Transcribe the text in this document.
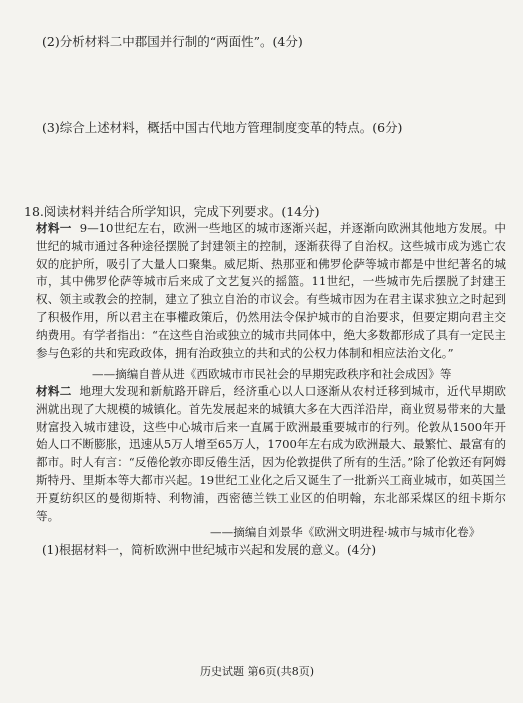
(2)分析材料二中郡国并行制的“两面性”。(4分)
(3)综合上述材料，概括中国古代地方管理制度变革的特点。(6分)
18.阅读材料并结合所学知识，完成下列要求。(14分)
材料一 9—10世纪左右，欧洲一些地区的城市逐渐兴起，并逐渐向欧洲其他地方发展。中世纪的城市通过各种途径摆脱了封建领主的控制，逐渐获得了自治权。这些城市成为逃亡农奴的庇护所，吸引了大量人口聚集。威尼斯、热那亚和佛罗伦萨等城市都是中世纪著名的城市，其中佛罗伦萨等城市后来成了文艺复兴的摇篮。11世纪，一些城市先后摆脱了封建王权、领主或教会的控制，建立了独立自治的市议会。有些城市因为在君主谋求独立之时起到了积极作用，所以君主在事權政策后，仍然用法令保护城市的自治要求，但要定期向君主交纳费用。有学者指出：“在这些自治或独立的城市共同体中，绝大多数都形成了具有一定民主参与色彩的共和宪政政体，拥有治政独立的共和式的公权力体制和相应法治文化。”
——摘编自普从进《西欧城市市民社会的早期宪政秩序和社会成因》等
材料二 地理大发现和新航路开辟后，经济重心以人口逐渐从农村迁移到城市，近代早期欧洲就出现了大规模的城镇化。首先发展起来的城镇大多在大西洋沿岸，商业贸易带来的大量财富投入城市建设，这些中心城市后来一直属于欧洲最重要城市的行列。伦敦从1500年开始人口不断膨胀，迅速从5万人增至65万人，1700年左右成为欧洲最大、最繁忙、最富有的都市。时人有言：“反倦伦敦亦即反倦生活，因为伦敦提供了所有的生活。”除了伦敦还有阿姆斯特丹、里斯本等大都市兴起。19世纪工业化之后又诞生了一批新兴工商业城市，如英国兰开夏纺织区的曼彻斯特、利物浦，西密德兰铁工业区的伯明翰，东北部采煤区的纽卡斯尔等。
——摘编自刘景华《欧洲文明进程·城市与城市化卷》
(1)根据材料一，简析欧洲中世纪城市兴起和发展的意义。(4分)
历史试题 第6页(共8页)
